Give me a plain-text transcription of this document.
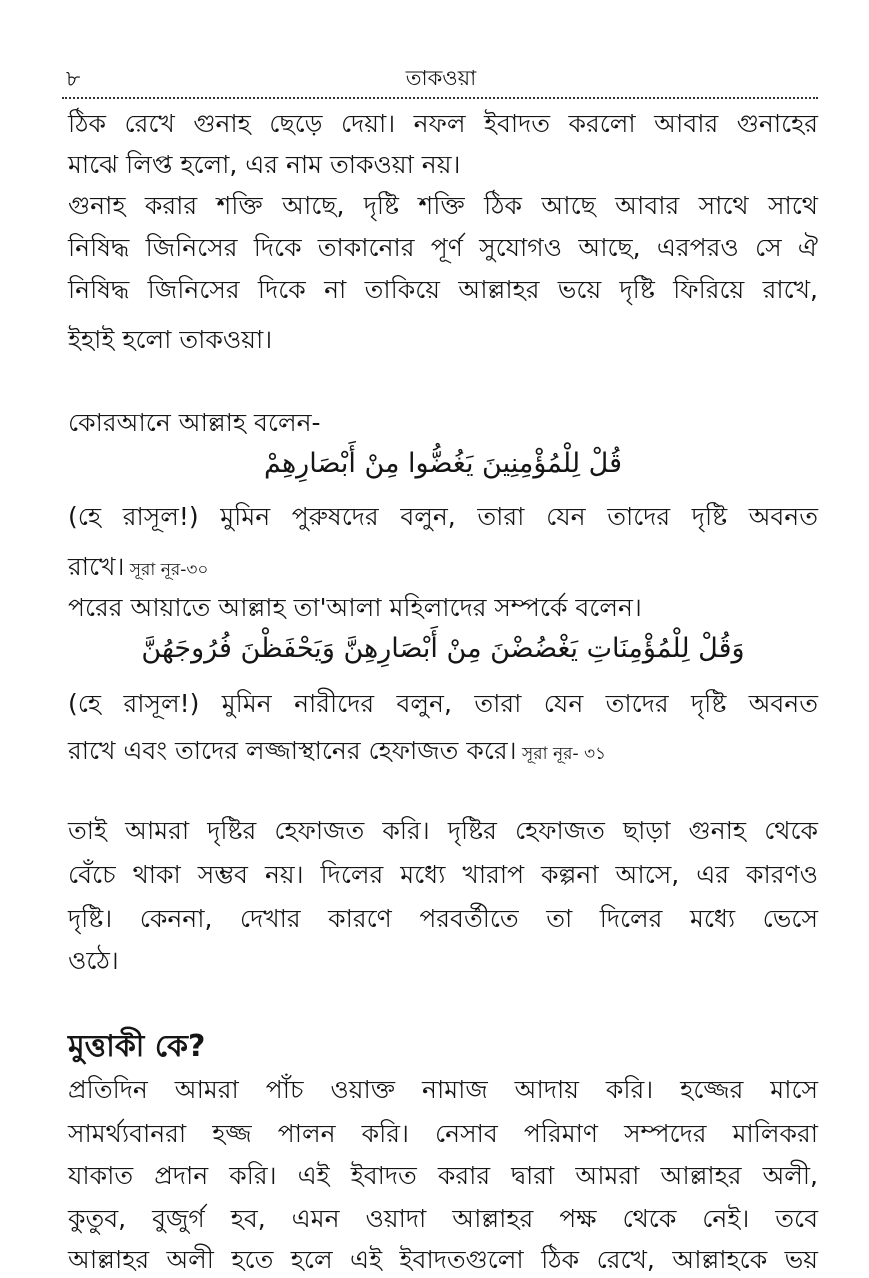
৮	তাকওয়া
ঠিক রেখে গুনাহ ছেড়ে দেয়া। নফল ইবাদত করলো আবার গুনাহের
মাঝে লিপ্ত হলো, এর নাম তাকওয়া নয়।
গুনাহ করার শক্তি আছে, দৃষ্টি শক্তি ঠিক আছে আবার সাথে সাথে
নিষিদ্ধ জিনিসের দিকে তাকানোর পূর্ণ সুযোগও আছে, এরপরও সে ঐ
নিষিদ্ধ জিনিসের দিকে না তাকিয়ে আল্লাহর ভয়ে দৃষ্টি ফিরিয়ে রাখে,
ইহাই হলো তাকওয়া।
কোরআনে আল্লাহ বলেন-
قُلْ لِلْمُؤْمِنِينَ يَغُضُّوا مِنْ أَبْصَارِهِمْ
(হে রাসূল!) মুমিন পুরুষদের বলুন, তারা যেন তাদের দৃষ্টি অবনত
রাখে। সূরা নূর-৩০
পরের আয়াতে আল্লাহ তা'আলা মহিলাদের সম্পর্কে বলেন।
وَقُلْ لِلْمُؤْمِنَاتِ يَغْضُضْنَ مِنْ أَبْصَارِهِنَّ وَيَحْفَظْنَ فُرُوجَهُنَّ
(হে রাসূল!) মুমিন নারীদের বলুন, তারা যেন তাদের দৃষ্টি অবনত
রাখে এবং তাদের লজ্জাস্থানের হেফাজত করে। সূরা নূর- ৩১
তাই আমরা দৃষ্টির হেফাজত করি। দৃষ্টির হেফাজত ছাড়া গুনাহ থেকে
বেঁচে থাকা সম্ভব নয়। দিলের মধ্যে খারাপ কল্পনা আসে, এর কারণও
দৃষ্টি। কেননা, দেখার কারণে পরবর্তীতে তা দিলের মধ্যে ভেসে
ওঠে।
মুত্তাকী কে?
প্রতিদিন আমরা পাঁচ ওয়াক্ত নামাজ আদায় করি। হজ্জের মাসে
সামর্থ্যবানরা হজ্জ পালন করি। নেসাব পরিমাণ সম্পদের মালিকরা
যাকাত প্রদান করি। এই ইবাদত করার দ্বারা আমরা আল্লাহর অলী,
কুতুব, বুজুর্গ হব, এমন ওয়াদা আল্লাহর পক্ষ থেকে নেই। তবে
আল্লাহর অলী হতে হলে এই ইবাদতগুলো ঠিক রেখে, আল্লাহকে ভয়
